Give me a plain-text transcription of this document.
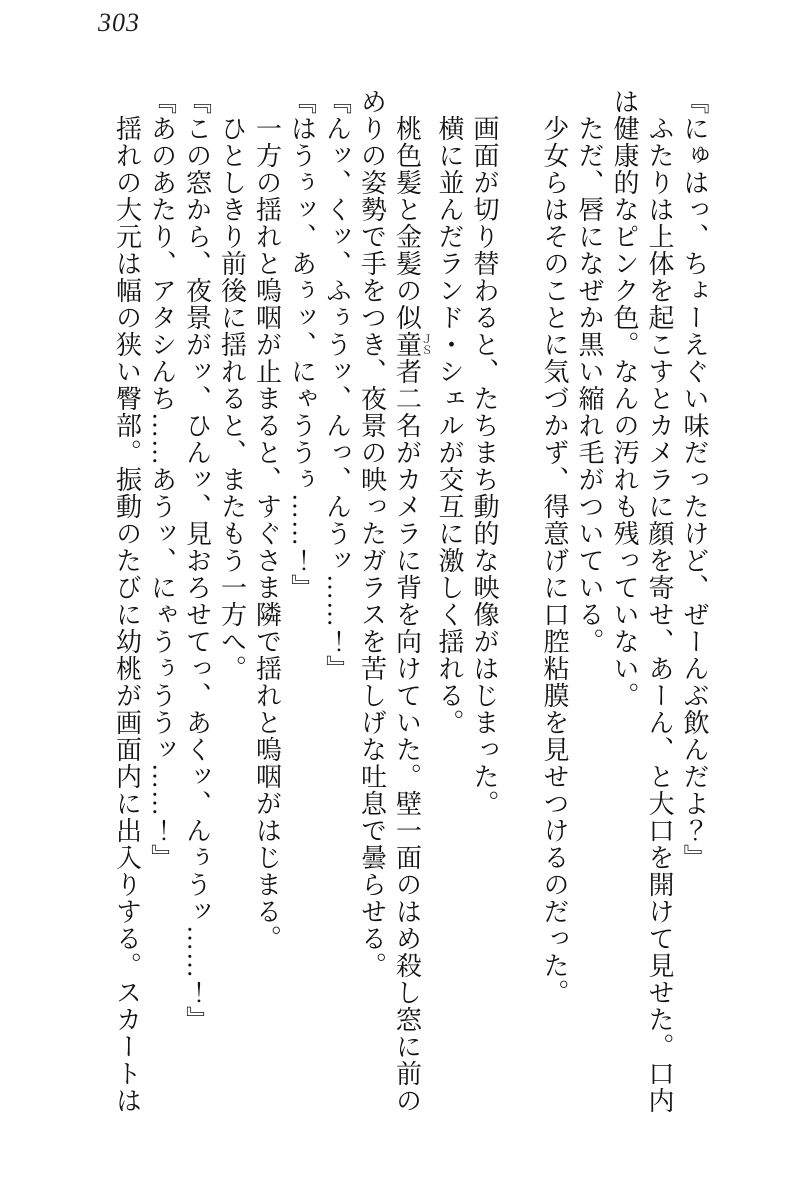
303

『にゅはっ、ちょーえぐい味だったけど、ぜーんぶ飲んだよ？』

ふたりは上体を起こすとカメラに顔を寄せ、あーん、と大口を開けて見せた。口内

は健康的なピンク色。なんの汚れも残っていない。

ただ、唇になぜか黒い縮れ毛がついている。

少女らはそのことに気づかず、得意げに口腔粘膜を見せつけるのだった。

画面が切り替わると、たちまち動的な映像がはじまった。

横に並んだランド・シェルが交互に激しく揺れる。

桃色髪と金髪の似童者ＪＳ二名がカメラに背を向けていた。壁一面のはめ殺し窓に前の

めりの姿勢で手をつき、夜景の映ったガラスを苦しげな吐息で曇らせる。

『んッ、くッ、ふぅうッ、んっ、んうッ……！』

『はうぅッ、あぅッ、にゃううぅ……！』

一方の揺れと嗚咽が止まると、すぐさま隣で揺れと嗚咽がはじまる。

ひとしきり前後に揺れると、またもう一方へ。

『この窓から、夜景がッ、ひんッ、見おろせてっ、あくッ、んぅうッ……！』

『あのあたり、アタシんち……あうッ、にゃうぅううッ……！』

揺れの大元は幅の狭い臀部。振動のたびに幼桃が画面内に出入りする。スカートは
